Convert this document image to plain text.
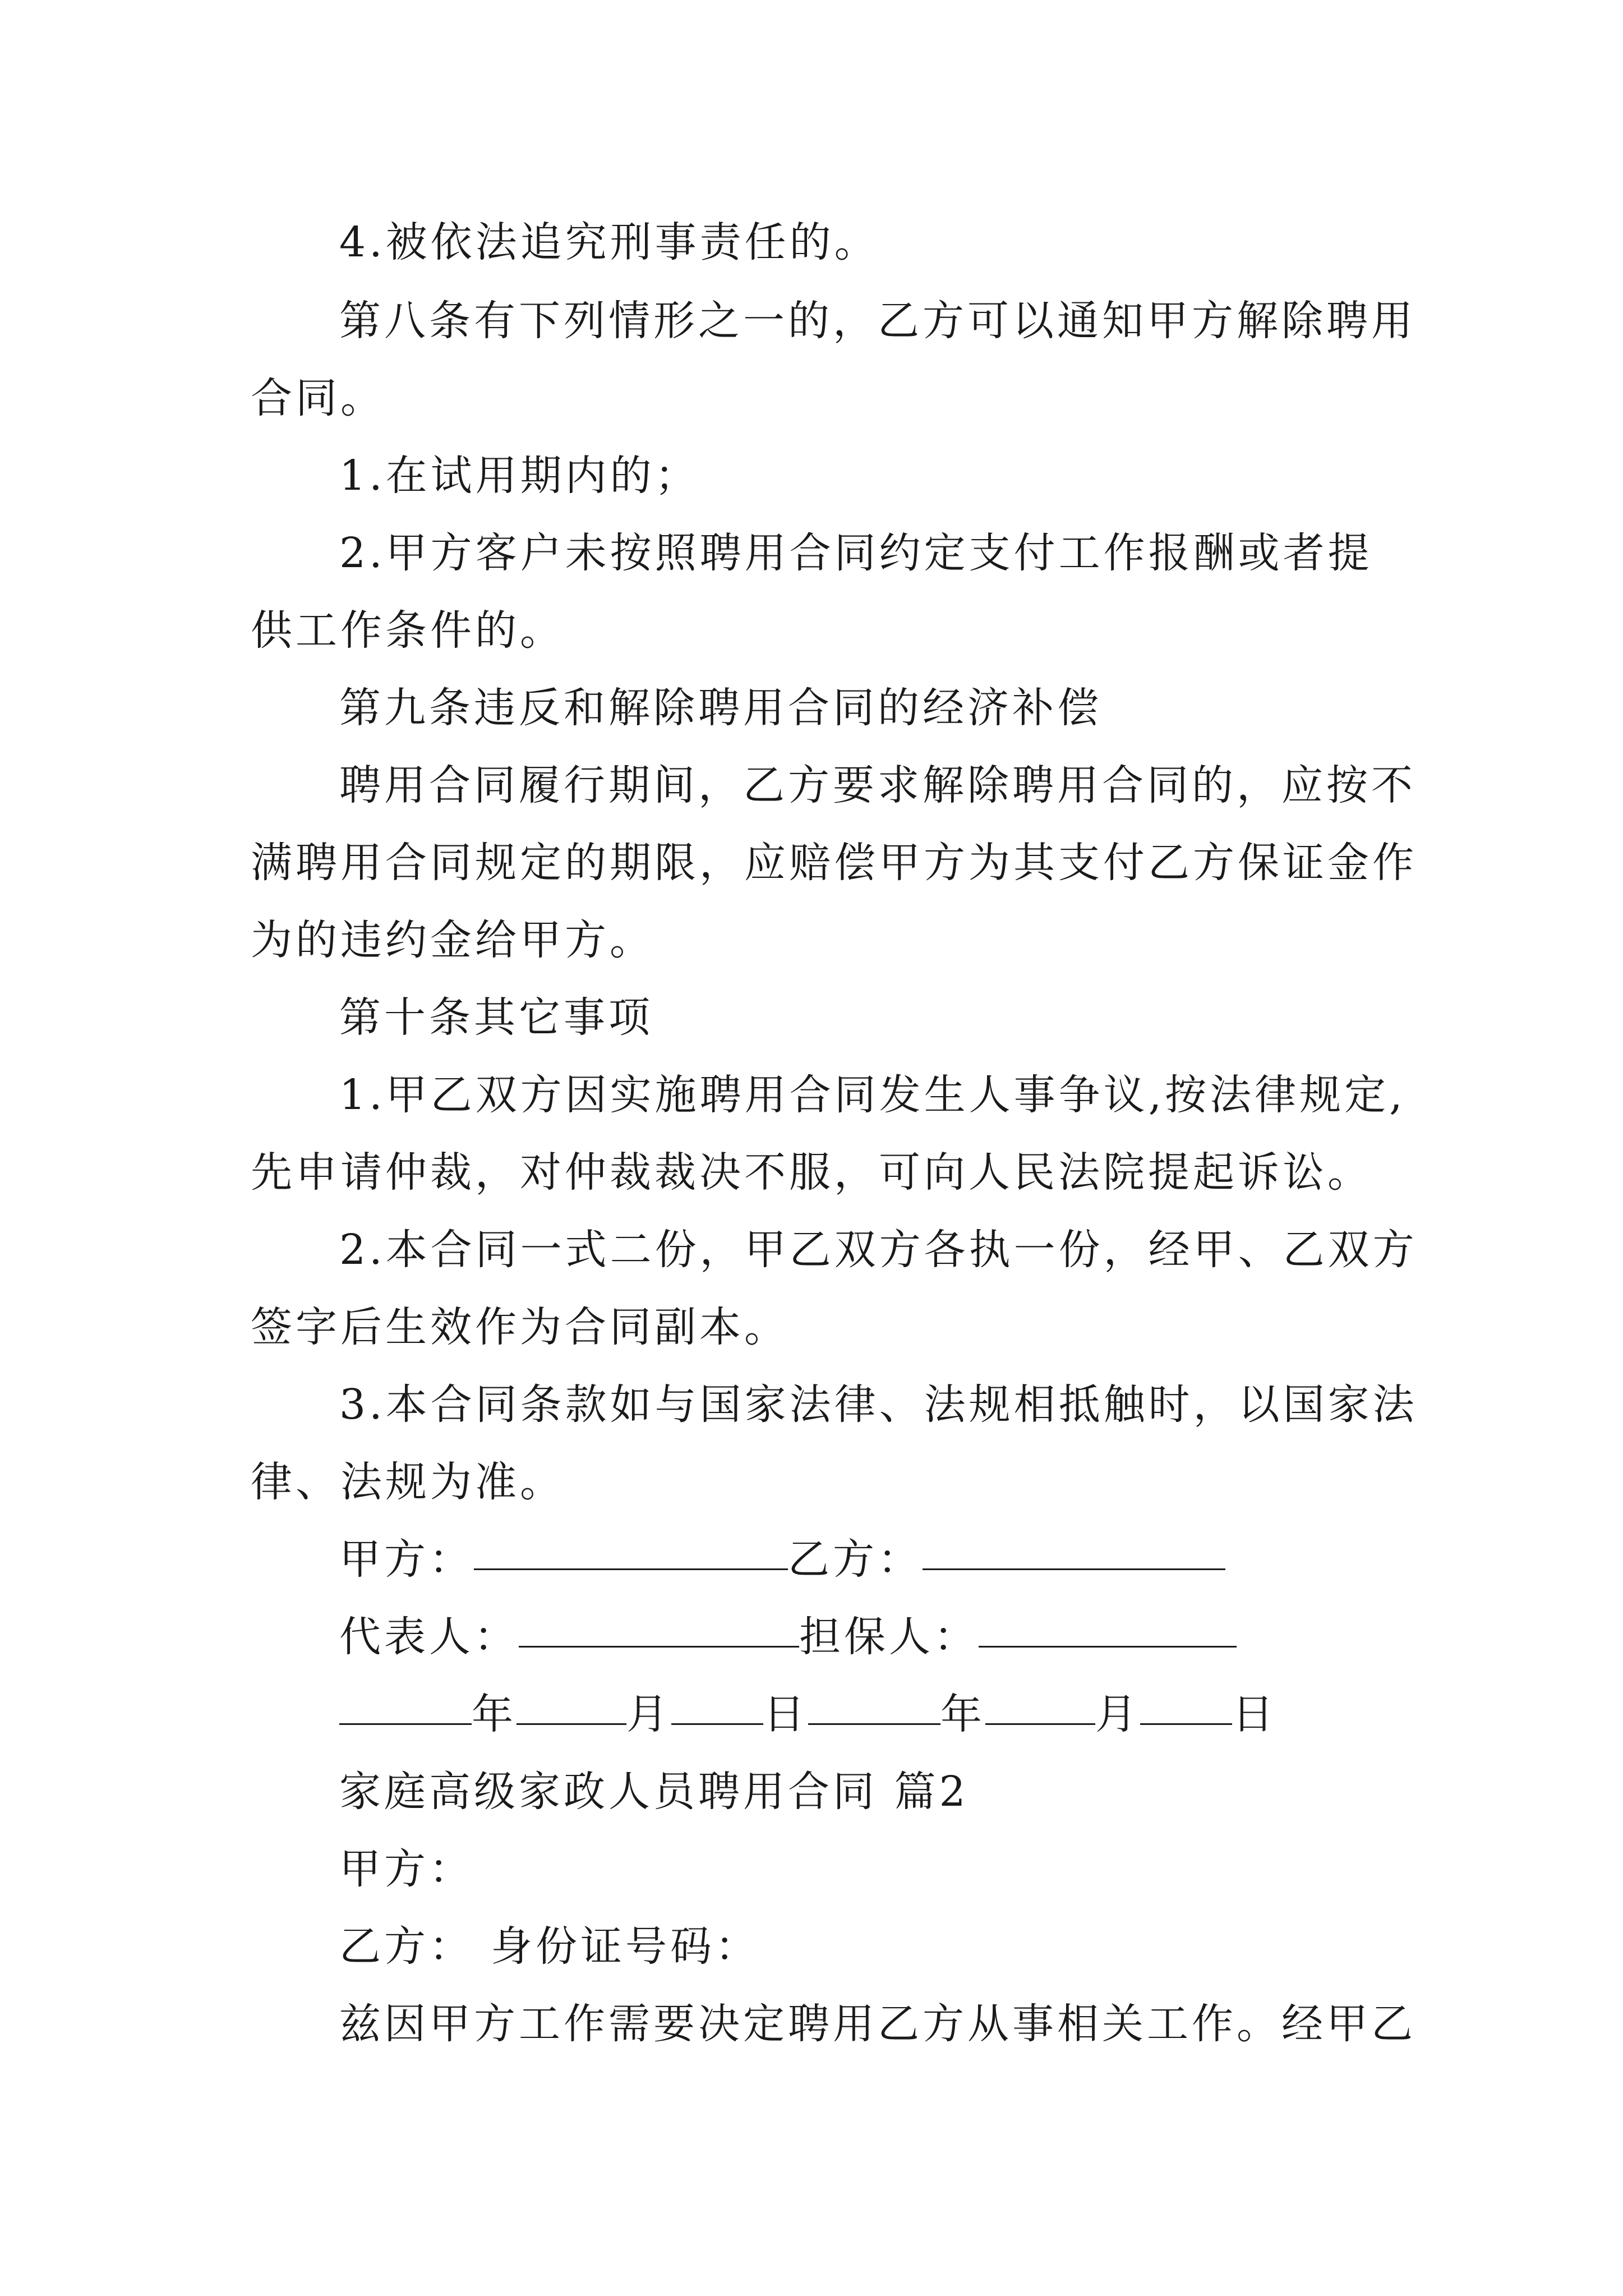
4.被依法追究刑事责任的。
第八条有下列情形之一的，乙方可以通知甲方解除聘用
合同。
1.在试用期内的；
2.甲方客户未按照聘用合同约定支付工作报酬或者提
供工作条件的。
第九条违反和解除聘用合同的经济补偿
聘用合同履行期间，乙方要求解除聘用合同的，应按不
满聘用合同规定的期限，应赔偿甲方为其支付乙方保证金作
为的违约金给甲方。
第十条其它事项
1.甲乙双方因实施聘用合同发生人事争议,按法律规定,
先申请仲裁，对仲裁裁决不服，可向人民法院提起诉讼。
2.本合同一式二份，甲乙双方各执一份，经甲、乙双方
签字后生效作为合同副本。
3.本合同条款如与国家法律、法规相抵触时，以国家法
律、法规为准。
甲方：	乙方：
代表人：	担保人：
年	月 日	年	月 日
家庭高级家政人员聘用合同 篇2
甲方：
乙方： 身份证号码：
兹因甲方工作需要决定聘用乙方从事相关工作。经甲乙
